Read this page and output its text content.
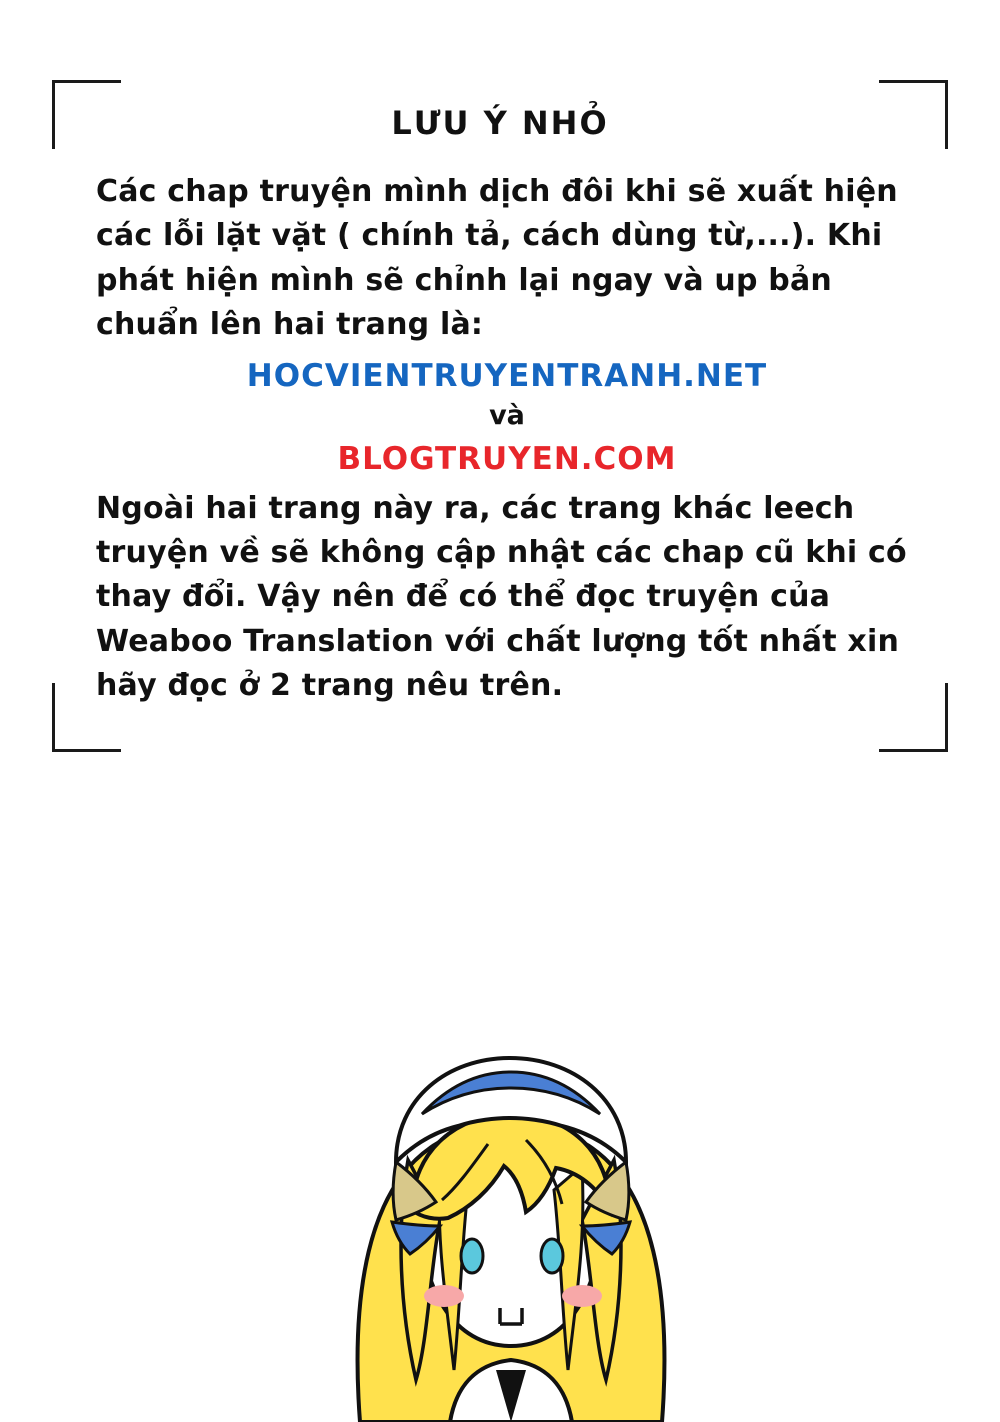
LƯU Ý NHỎ
Các chap truyện mình dịch đôi khi sẽ xuất hiện các lỗi lặt vặt ( chính tả, cách dùng từ,...). Khi phát hiện mình sẽ chỉnh lại ngay và up bản chuẩn lên hai trang là:
HOCVIENTRUYENTRANH.NET
và
BLOGTRUYEN.COM
Ngoài hai trang này ra, các trang khác leech truyện về sẽ không cập nhật các chap cũ khi có thay đổi. Vậy nên để có thể đọc truyện của Weaboo Translation với chất lượng tốt nhất xin hãy đọc ở 2 trang nêu trên.
